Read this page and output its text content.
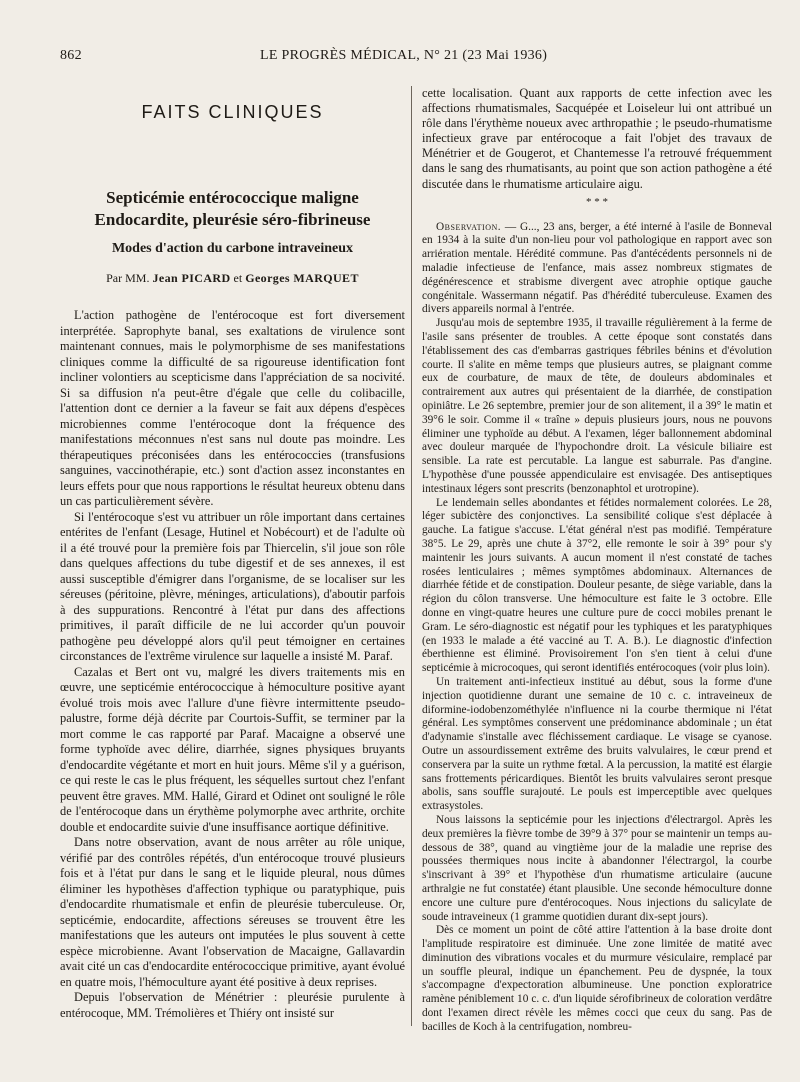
862	LE PROGRÈS MÉDICAL, N° 21 (23 Mai 1936)
FAITS CLINIQUES
Septicémie entérococcique maligne
Endocardite, pleurésie séro-fibrineuse
Modes d'action du carbone intraveineux
Par MM. Jean PICARD et Georges MARQUET

L'action pathogène de l'entérocoque est fort diversement interprétée. Saprophyte banal, ses exaltations de virulence sont maintenant connues, mais le polymorphisme de ses manifestations cliniques comme la difficulté de sa rigoureuse identification font incliner volontiers au scepticisme dans l'appréciation de sa nocivité. Si sa diffusion n'a peut-être d'égale que celle du colibacille, l'attention dont ce dernier a la faveur se fait aux dépens d'espèces microbiennes comme l'entérocoque dont la fréquence des manifestations méconnues n'est sans nul doute pas moindre. Les thérapeutiques préconisées dans les entérococcies (transfusions sanguines, vaccinothérapie, etc.) sont d'action assez inconstantes en leurs effets pour que nous rapportions le résultat heureux obtenu dans un cas particulièrement sévère.

Si l'entérocoque s'est vu attribuer un rôle important dans certaines entérites de l'enfant (Lesage, Hutinel et Nobécourt) et de l'adulte où il a été trouvé pour la première fois par Thiercelin, s'il joue son rôle dans quelques affections du tube digestif et de ses annexes, il est aussi susceptible d'émigrer dans l'organisme, de se localiser sur les séreuses (péritoine, plèvre, méninges, articulations), d'aboutir parfois à des suppurations. Rencontré à l'état pur dans des affections primitives, il paraît difficile de ne lui accorder qu'un pouvoir pathogène peu développé alors qu'il peut témoigner en certaines circonstances de l'extrême virulence sur laquelle a insisté M. Paraf.

Cazalas et Bert ont vu, malgré les divers traitements mis en œuvre, une septicémie entérococcique à hémoculture positive ayant évolué trois mois avec l'allure d'une fièvre intermittente pseudo-palustre, forme déjà décrite par Courtois-Suffit, se terminer par la mort comme le cas rapporté par Paraf. Macaigne a observé une forme typhoïde avec délire, diarrhée, signes physiques bruyants d'endocardite végétante et mort en huit jours. Même s'il y a guérison, ce qui reste le cas le plus fréquent, les séquelles surtout chez l'enfant peuvent être graves. MM. Hallé, Girard et Odinet ont souligné le rôle de l'entérocoque dans un érythème polymorphe avec arthrite, orchite double et endocardite suivie d'une insuffisance aortique définitive.

Dans notre observation, avant de nous arrêter au rôle unique, vérifié par des contrôles répétés, d'un entérocoque trouvé plusieurs fois et à l'état pur dans le sang et le liquide pleural, nous dûmes éliminer les hypothèses d'affection typhique ou paratyphique, puis d'endocardite rhumatismale et enfin de pleurésie tuberculeuse. Or, septicémie, endocardite, affections séreuses se trouvent être les manifestations que les auteurs ont imputées le plus souvent à cette espèce microbienne. Avant l'observation de Macaigne, Gallavardin avait cité un cas d'endocardite entérococcique primitive, ayant évolué en quatre mois, l'hémoculture ayant été positive à deux reprises.

Depuis l'observation de Ménétrier : pleurésie purulente à entérocoque, MM. Trémolières et Thiéry ont insisté sur

cette localisation. Quant aux rapports de cette infection avec les affections rhumatismales, Sacquépée et Loiseleur lui ont attribué un rôle dans l'érythème noueux avec arthropathie ; le pseudo-rhumatisme infectieux grave par entérocoque a fait l'objet des travaux de Ménétrier et de Gougerot, et Chantemesse l'a retrouvé fréquemment dans le sang des rhumatisants, au point que son action pathogène a été discutée dans le rhumatisme articulaire aigu.

* * *

Observation. — G..., 23 ans, berger, a été interné à l'asile de Bonneval en 1934 à la suite d'un non-lieu pour vol pathologique en rapport avec son arriération mentale. Hérédité commune. Pas d'antécédents personnels ni de maladie infectieuse de l'enfance, mais assez nombreux stigmates de dégénérescence et strabisme divergent avec atrophie optique gauche congénitale. Wassermann négatif. Pas d'hérédité tuberculeuse. Examen des divers appareils normal à l'entrée.

Jusqu'au mois de septembre 1935, il travaille régulièrement à la ferme de l'asile sans présenter de troubles. A cette époque sont constatés dans l'établissement des cas d'embarras gastriques fébriles bénins et d'évolution courte. Il s'alite en même temps que plusieurs autres, se plaignant comme eux de courbature, de maux de tête, de douleurs abdominales et contrairement aux autres qui présentaient de la diarrhée, de constipation opiniâtre. Le 26 septembre, premier jour de son alitement, il a 39° le matin et 39°6 le soir. Comme il « traîne » depuis plusieurs jours, nous ne pouvons éliminer une typhoïde au début. A l'examen, léger ballonnement abdominal avec douleur marquée de l'hypochondre droit. La vésicule biliaire est sensible. La rate est percutable. La langue est saburrale. Pas d'angine. L'hypothèse d'une poussée appendiculaire est envisagée. Des antiseptiques intestinaux légers sont prescrits (benzonaphtol et urotropine).

Le lendemain selles abondantes et fétides normalement colorées. Le 28, léger subictère des conjonctives. La sensibilité colique s'est déplacée à gauche. La fatigue s'accuse. L'état général n'est pas modifié. Température 38°5. Le 29, après une chute à 37°2, elle remonte le soir à 39° pour s'y maintenir les jours suivants. A aucun moment il n'est constaté de taches rosées lenticulaires ; mêmes symptômes abdominaux. Alternances de diarrhée fétide et de constipation. Douleur pesante, de siège variable, dans la région du côlon transverse. Une hémoculture est faite le 3 octobre. Elle donne en vingt-quatre heures une culture pure de cocci mobiles prenant le Gram. Le séro-diagnostic est négatif pour les typhiques et les paratyphiques (en 1933 le malade a été vacciné au T. A. B.). Le diagnostic d'infection éberthienne est éliminé. Provisoirement l'on s'en tient à celui d'une septicémie à microcoques, qui seront identifiés entérocoques (voir plus loin).

Un traitement anti-infectieux institué au début, sous la forme d'une injection quotidienne durant une semaine de 10 c. c. intraveineux de diformine-iodobenzométhylée n'influence ni la courbe thermique ni l'état général. Les symptômes conservent une prédominance abdominale ; un état d'adynamie s'installe avec fléchissement cardiaque. Le visage se cyanose. Outre un assourdissement extrême des bruits valvulaires, le cœur prend et conservera par la suite un rythme fœtal. A la percussion, la matité est élargie sans frottements péricardiques. Bientôt les bruits valvulaires seront presque abolis, sans souffle surajouté. Le pouls est imperceptible avec quelques extrasystoles.

Nous laissons la septicémie pour les injections d'électrargol. Après les deux premières la fièvre tombe de 39°9 à 37° pour se maintenir un temps au-dessous de 38°, quand au vingtième jour de la maladie une reprise des poussées thermiques nous incite à abandonner l'électrargol, la courbe s'inscrivant à 39° et l'hypothèse d'un rhumatisme articulaire (aucune arthralgie ne fut constatée) étant plausible. Une seconde hémoculture donne encore une culture pure d'entérocoques. Nous injections du salicylate de soude intraveineux (1 gramme quotidien durant dix-sept jours).

Dès ce moment un point de côté attire l'attention à la base droite dont l'amplitude respiratoire est diminuée. Une zone limitée de matité avec diminution des vibrations vocales et du murmure vésiculaire, remplacé par un souffle pleural, indique un épanchement. Peu de dyspnée, la toux s'accompagne d'expectoration albumineuse. Une ponction exploratrice ramène péniblement 10 c. c. d'un liquide sérofibrineux de coloration verdâtre dont l'examen direct révèle les mêmes cocci que ceux du sang. Pas de bacilles de Koch à la centrifugation, nombreu-
